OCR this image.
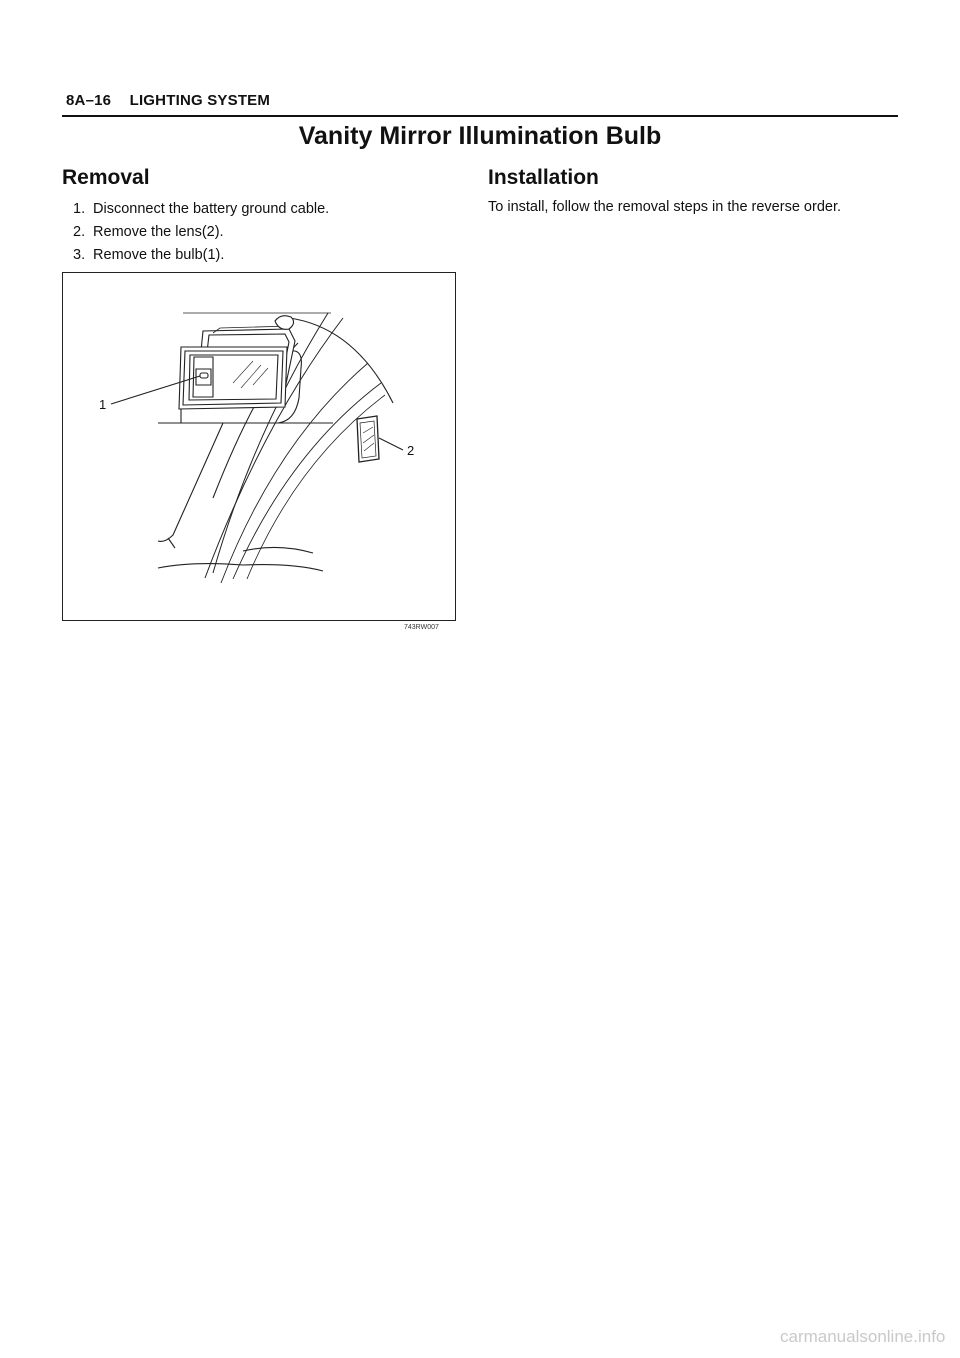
8A–16 LIGHTING SYSTEM
Vanity Mirror Illumination Bulb
Removal
1. Disconnect the battery ground cable.
2. Remove the lens(2).
3. Remove the bulb(1).
Installation
To install, follow the removal steps in the reverse order.
1
2
743RW007
carmanualsonline.info
